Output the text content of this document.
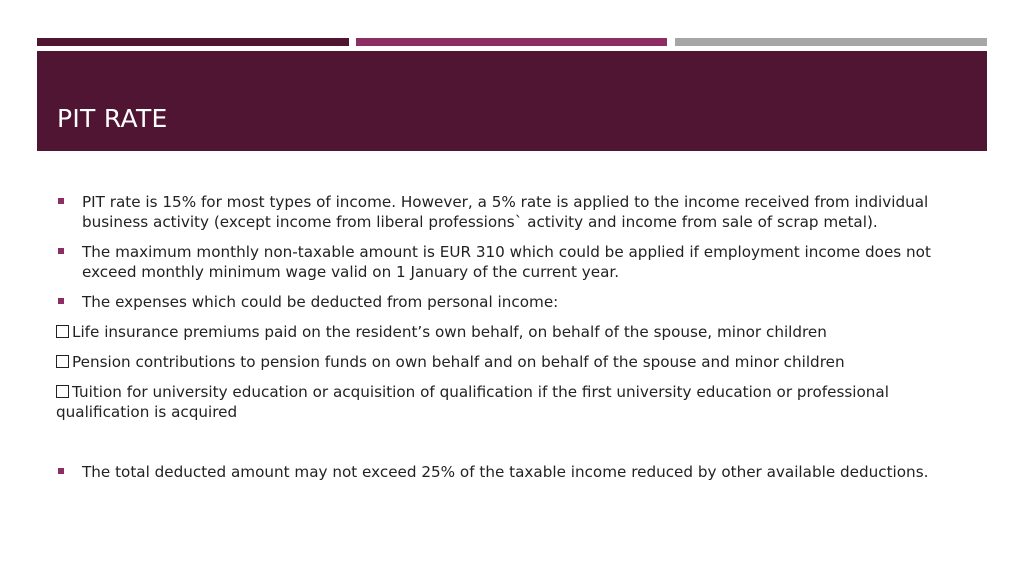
PIT RATE
PIT rate is 15% for most types of income. However, a 5% rate is applied to the income received from individual business activity (except income from liberal professions` activity and income from sale of scrap metal).
The maximum monthly non-taxable amount is EUR 310 which could be applied if employment income does not exceed monthly minimum wage valid on 1 January of the current year.
The expenses which could be deducted from personal income:
Life insurance premiums paid on the resident’s own behalf, on behalf of the spouse, minor children
Pension contributions to pension funds on own behalf and on behalf of the spouse and minor children
Tuition for university education or acquisition of qualification if the first university education or professional qualification is acquired
The total deducted amount may not exceed 25% of the taxable income reduced by other available deductions.
